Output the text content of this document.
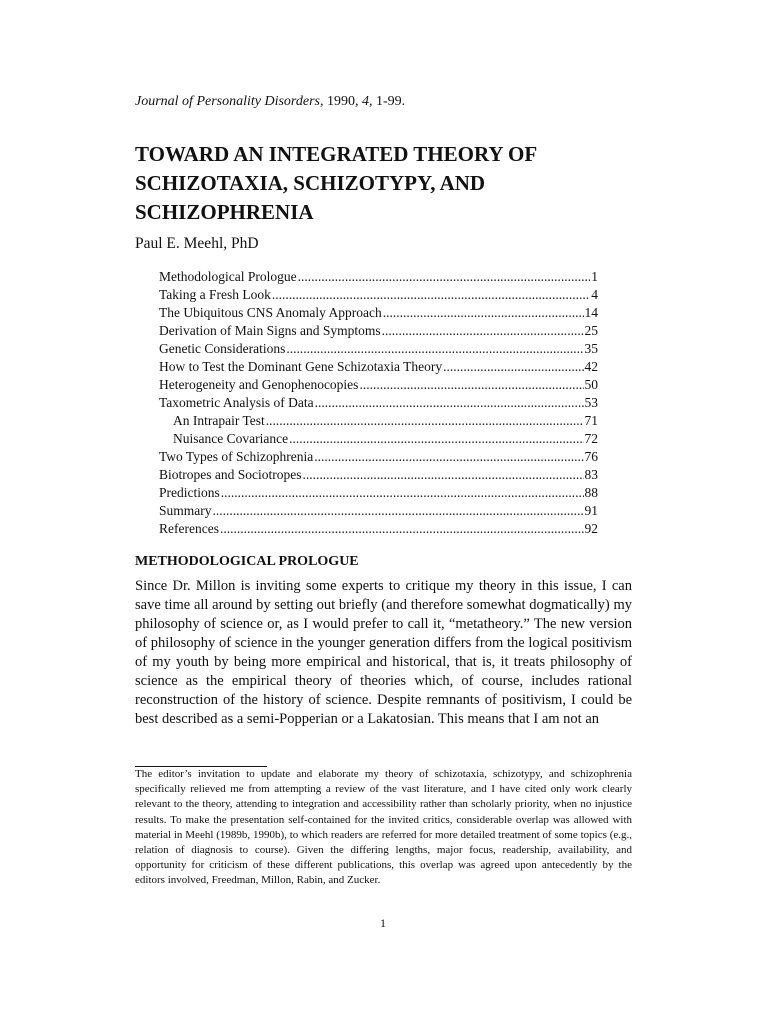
Journal of Personality Disorders, 1990, 4, 1-99.
TOWARD AN INTEGRATED THEORY OF SCHIZOTAXIA, SCHIZOTYPY, AND SCHIZOPHRENIA
Paul E. Meehl, PhD
Methodological Prologue .....	1
Taking a Fresh Look .....	4
The Ubiquitous CNS Anomaly Approach .....	14
Derivation of Main Signs and Symptoms .....	25
Genetic Considerations .....	35
How to Test the Dominant Gene Schizotaxia Theory .....	42
Heterogeneity and Genophenocopies .....	50
Taxometric Analysis of Data .....	53
An Intrapair Test .....	71
Nuisance Covariance .....	72
Two Types of Schizophrenia .....	76
Biotropes and Sociotropes .....	83
Predictions .....	88
Summary .....	91
References .....	92
METHODOLOGICAL PROLOGUE

Since Dr. Millon is inviting some experts to critique my theory in this issue, I can save time all around by setting out briefly (and therefore somewhat dogmatically) my philosophy of science or, as I would prefer to call it, “metatheory.” The new version of philosophy of science in the younger generation differs from the logical positivism of my youth by being more empirical and historical, that is, it treats philosophy of science as the empirical theory of theories which, of course, includes rational reconstruction of the history of science. Despite remnants of positivism, I could be best described as a semi-Popperian or a Lakatosian. This means that I am not an

The editor’s invitation to update and elaborate my theory of schizotaxia, schizotypy, and schizophrenia specifically relieved me from attempting a review of the vast literature, and I have cited only work clearly relevant to the theory, attending to integration and accessibility rather than scholarly priority, when no injustice results. To make the presentation self-contained for the invited critics, considerable overlap was allowed with material in Meehl (1989b, 1990b), to which readers are referred for more detailed treatment of some topics (e.g., relation of diagnosis to course). Given the differing lengths, major focus, readership, availability, and opportunity for criticism of these different publications, this overlap was agreed upon antecedently by the editors involved, Freedman, Millon, Rabin, and Zucker.

1
